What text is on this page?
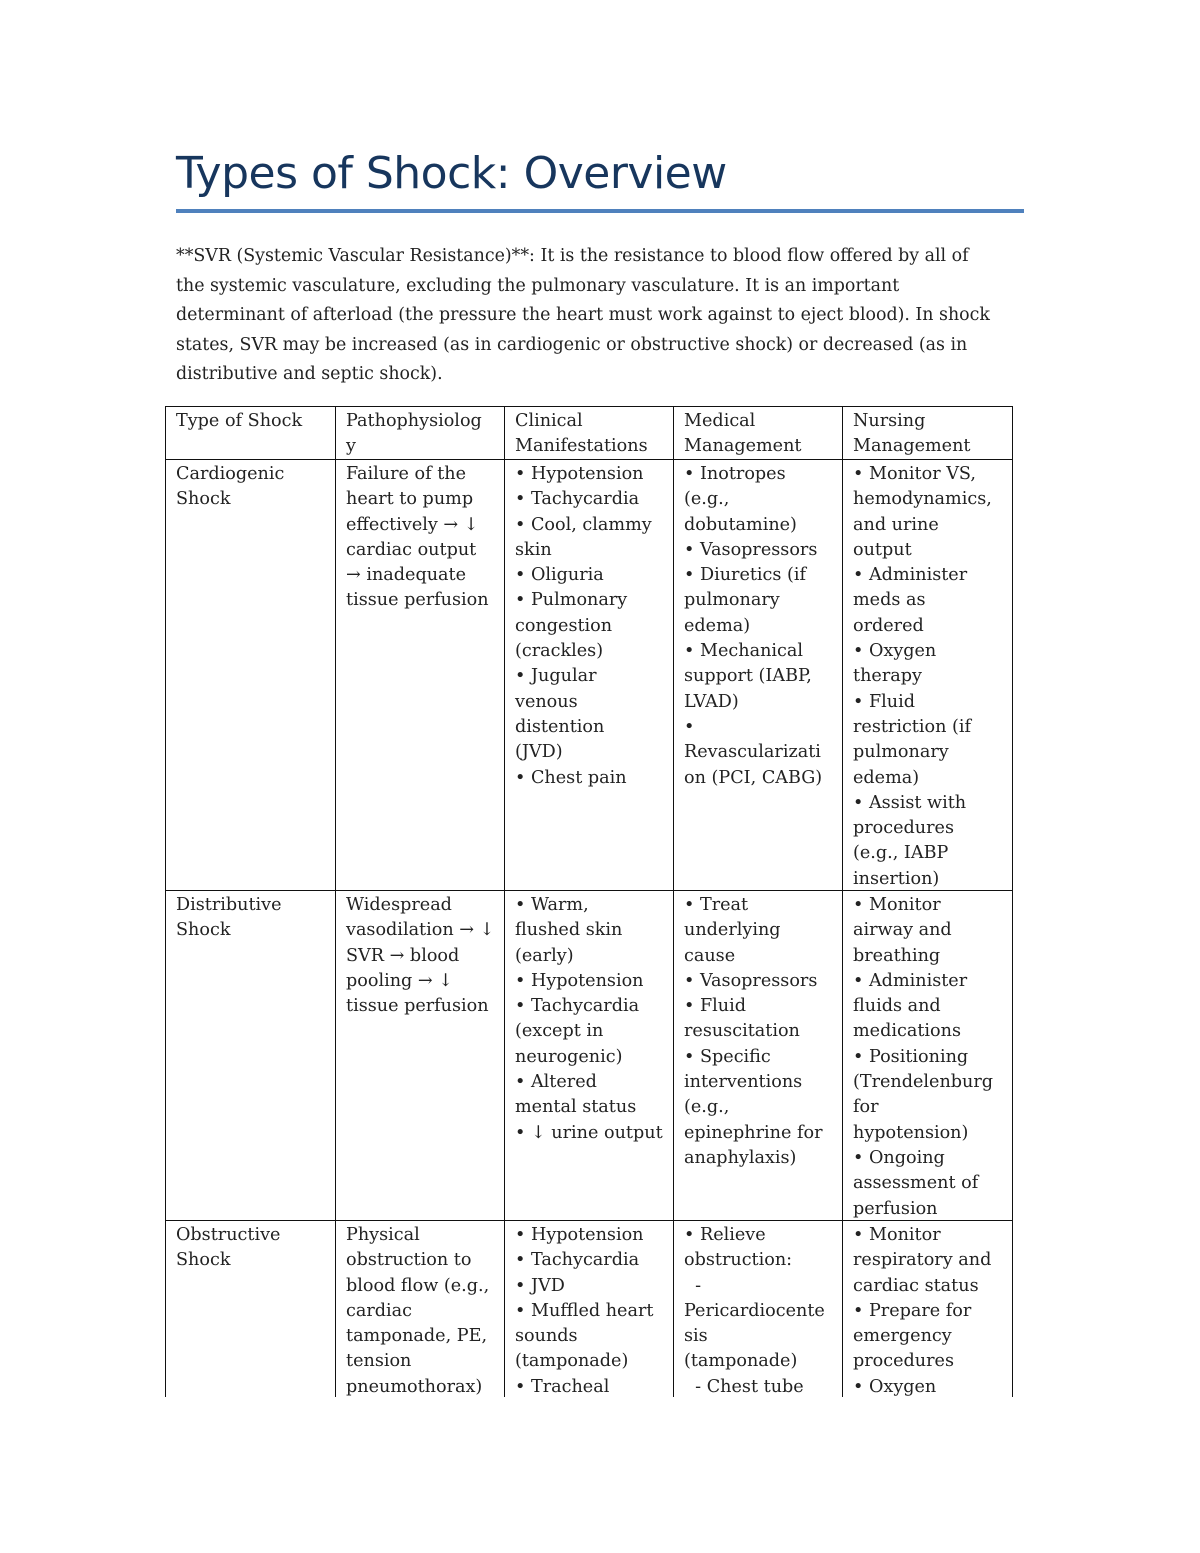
Types of Shock: Overview
**SVR (Systemic Vascular Resistance)**: It is the resistance to blood flow offered by all of
the systemic vasculature, excluding the pulmonary vasculature. It is an important
determinant of afterload (the pressure the heart must work against to eject blood). In shock
states, SVR may be increased (as in cardiogenic or obstructive shock) or decreased (as in
distributive and septic shock).
Type of Shock	Pathophysiolog
y
Clinical
Manifestations
Medical
Management
Nursing
Management
Cardiogenic
Shock
Failure of the
heart to pump
effectively → ↓
cardiac output
→ inadequate
tissue perfusion
• Hypotension
• Tachycardia
• Cool, clammy
skin
• Oliguria
• Pulmonary
congestion
(crackles)
• Jugular
venous
distention
(JVD)
• Chest pain
• Inotropes
(e.g.,
dobutamine)
• Vasopressors
• Diuretics (if
pulmonary
edema)
• Mechanical
support (IABP,
LVAD)
•
Revascularizati
on (PCI, CABG)
• Monitor VS,
hemodynamics,
and urine
output
• Administer
meds as
ordered
• Oxygen
therapy
• Fluid
restriction (if
pulmonary
edema)
• Assist with
procedures
(e.g., IABP
insertion)
Distributive
Shock
Widespread
vasodilation → ↓
SVR → blood
pooling → ↓
tissue perfusion
• Warm,
flushed skin
(early)
• Hypotension
• Tachycardia
(except in
neurogenic)
• Altered
mental status
• ↓ urine output
• Treat
underlying
cause
• Vasopressors
• Fluid
resuscitation
• Specific
interventions
(e.g.,
epinephrine for
anaphylaxis)
• Monitor
airway and
breathing
• Administer
fluids and
medications
• Positioning
(Trendelenburg
for
hypotension)
• Ongoing
assessment of
perfusion
Obstructive
Shock
Physical
obstruction to
blood flow (e.g.,
cardiac
tamponade, PE,
tension
pneumothorax)
• Hypotension
• Tachycardia
• JVD
• Muffled heart
sounds
(tamponade)
• Tracheal
• Relieve
obstruction:
-
Pericardiocente
sis
(tamponade)
- Chest tube
• Monitor
respiratory and
cardiac status
• Prepare for
emergency
procedures
• Oxygen
